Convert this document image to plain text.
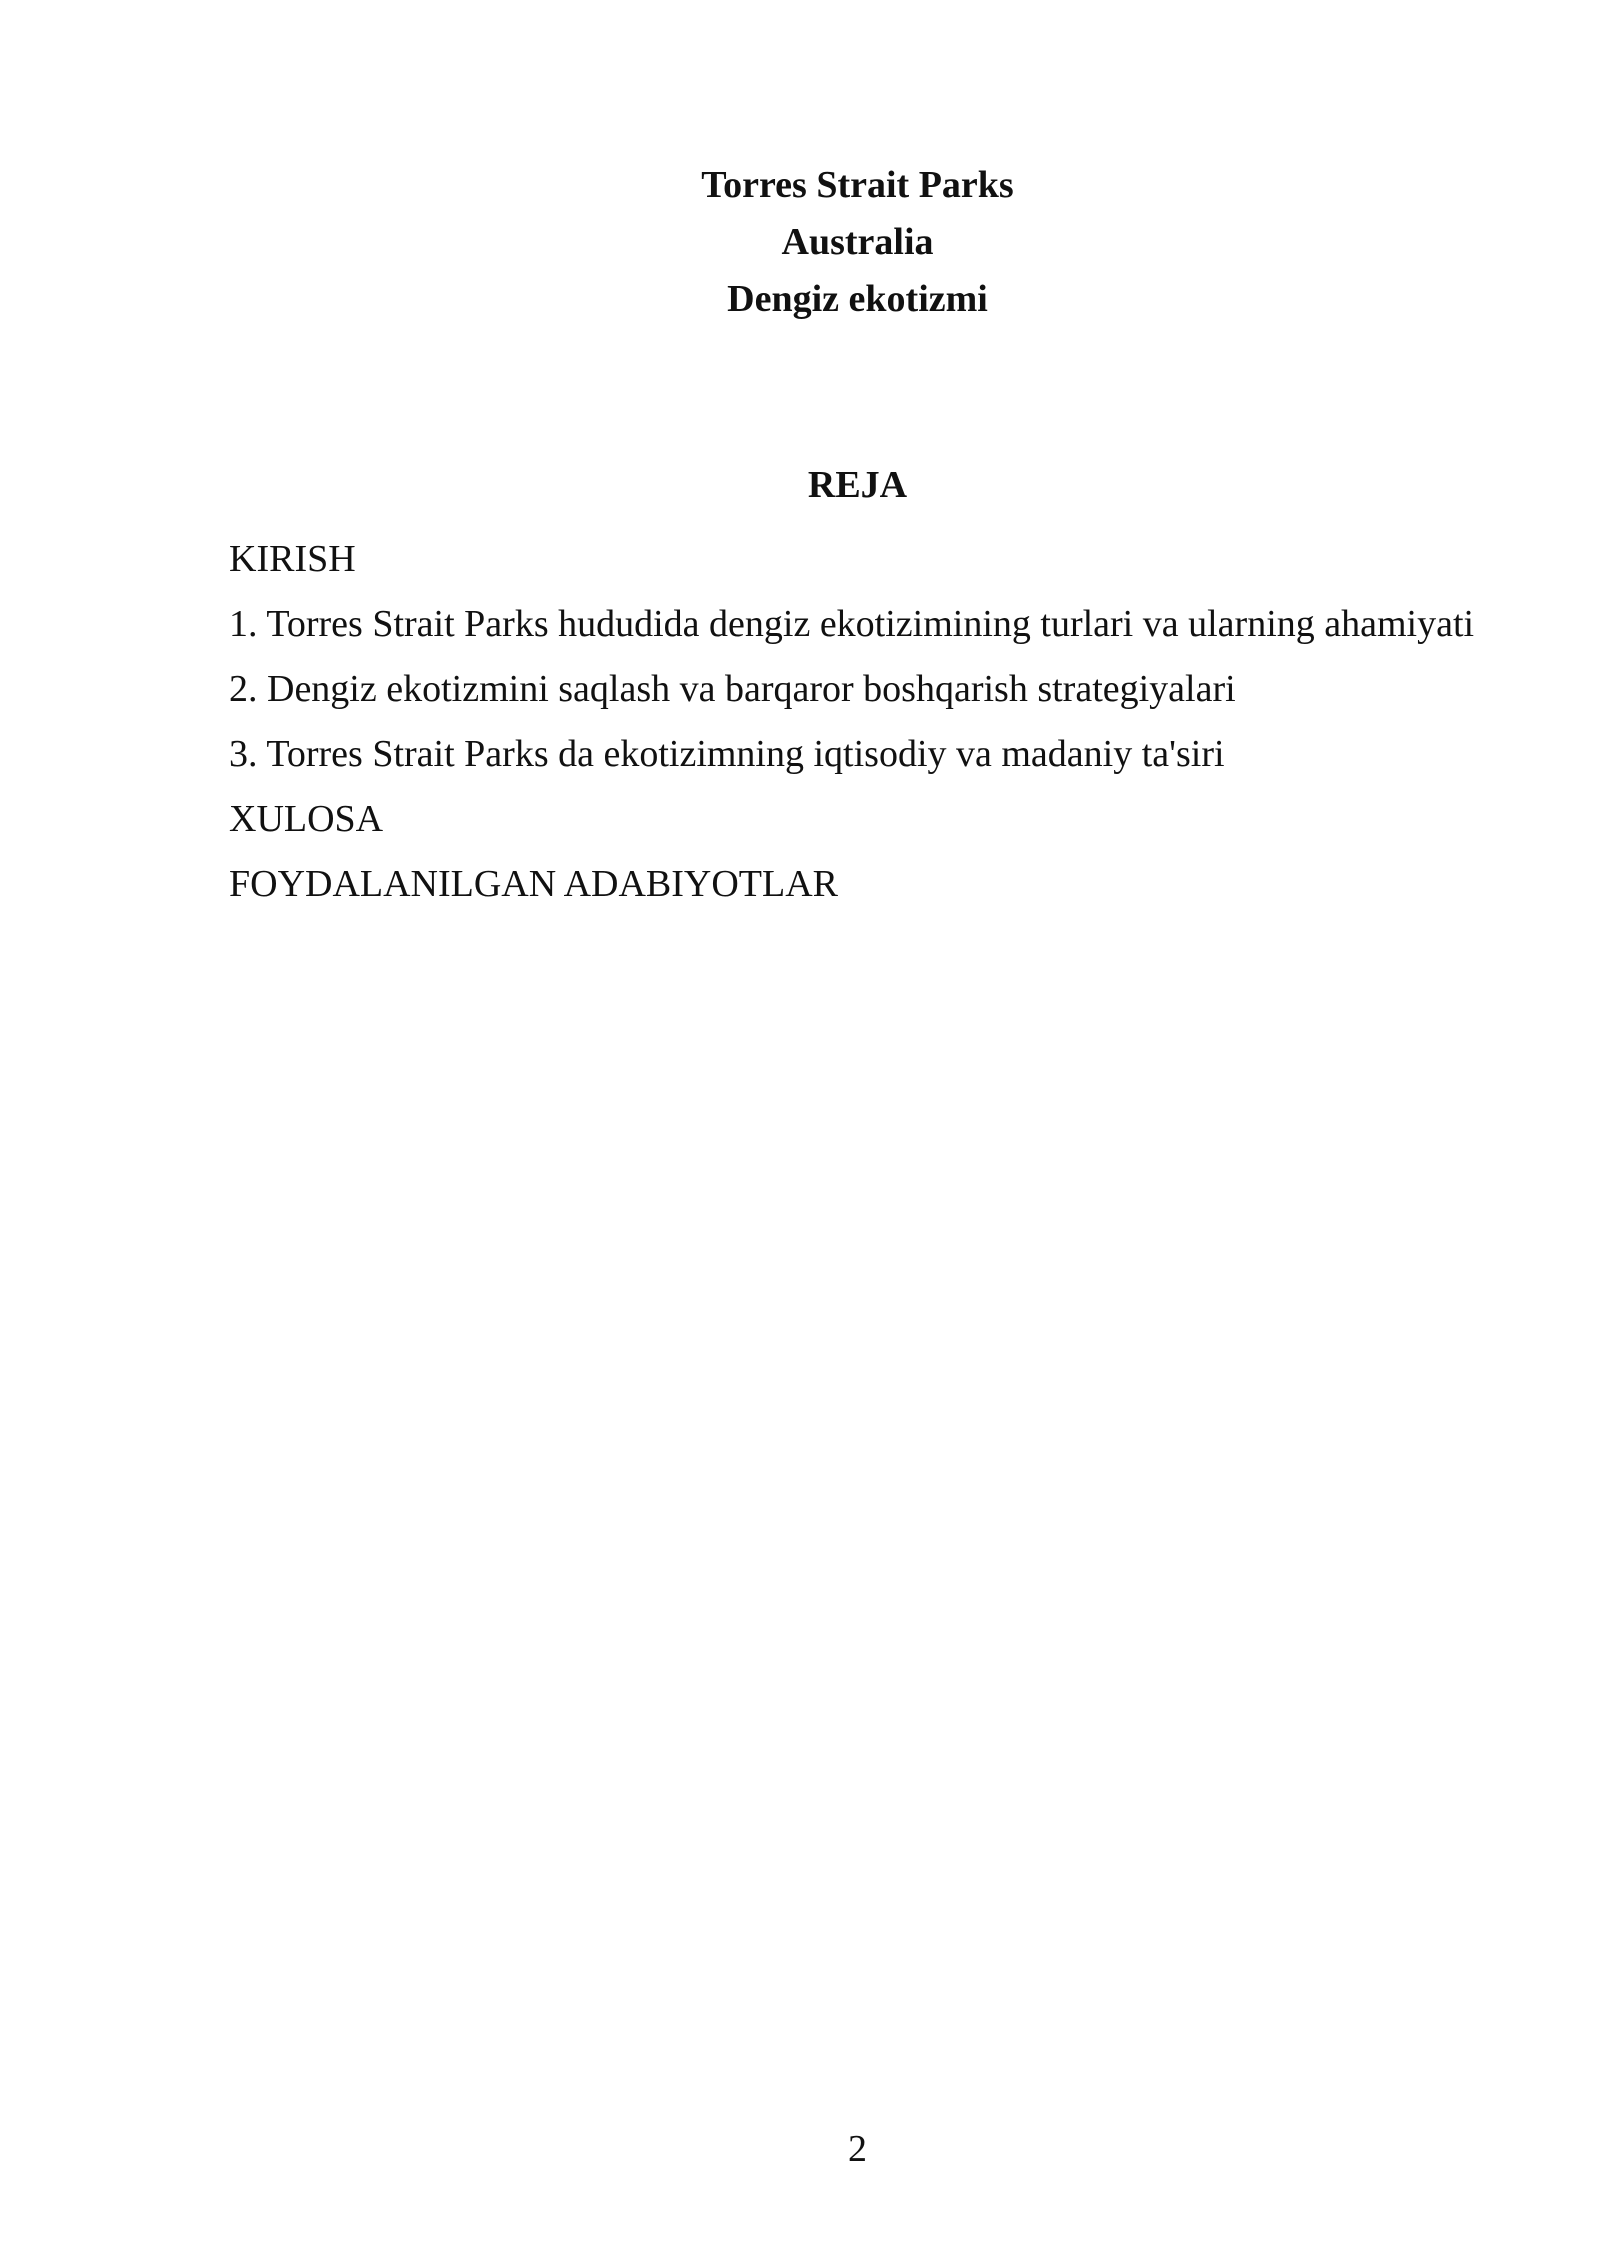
Torres Strait Parks

Australia

Dengiz ekotizmi

REJA

KIRISH
1. Torres Strait Parks hududida dengiz ekotizimining turlari va ularning ahamiyati
2. Dengiz ekotizmini saqlash va barqaror boshqarish strategiyalari
3. Torres Strait Parks da ekotizimning iqtisodiy va madaniy ta'siri
XULOSA
FOYDALANILGAN ADABIYOTLAR
2
